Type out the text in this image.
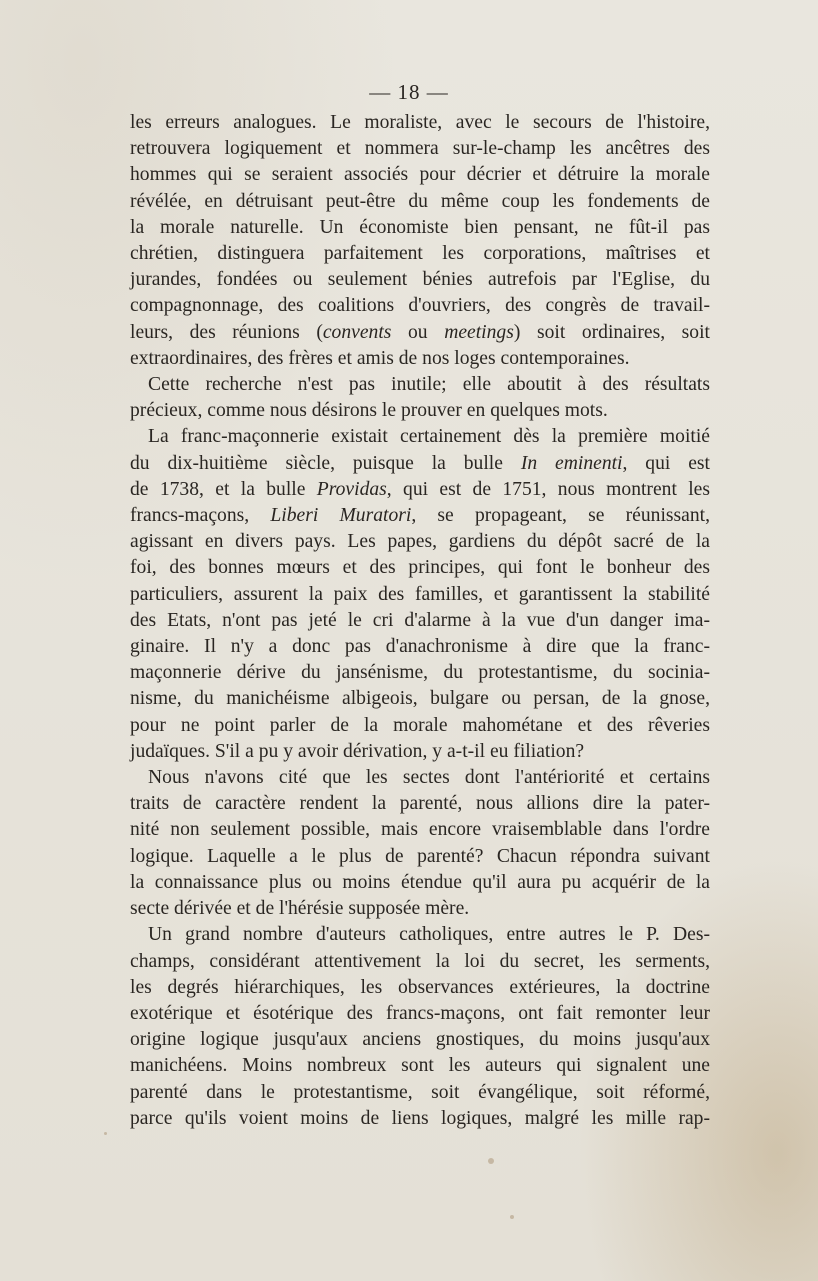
— 18 —
les erreurs analogues. Le moraliste, avec le secours de l'histoire,
retrouvera logiquement et nommera sur-le-champ les ancêtres des
hommes qui se seraient associés pour décrier et détruire la morale
révélée, en détruisant peut-être du même coup les fondements de
la morale naturelle. Un économiste bien pensant, ne fût-il pas
chrétien, distinguera parfaitement les corporations, maîtrises et
jurandes, fondées ou seulement bénies autrefois par l'Eglise, du
compagnonnage, des coalitions d'ouvriers, des congrès de travail-
leurs, des réunions (convents ou meetings) soit ordinaires, soit
extraordinaires, des frères et amis de nos loges contemporaines.
Cette recherche n'est pas inutile; elle aboutit à des résultats
précieux, comme nous désirons le prouver en quelques mots.
La franc-maçonnerie existait certainement dès la première moitié
du dix-huitième siècle, puisque la bulle In eminenti, qui est
de 1738, et la bulle Providas, qui est de 1751, nous montrent les
francs-maçons, Liberi Muratori, se propageant, se réunissant,
agissant en divers pays. Les papes, gardiens du dépôt sacré de la
foi, des bonnes mœurs et des principes, qui font le bonheur des
particuliers, assurent la paix des familles, et garantissent la stabilité
des Etats, n'ont pas jeté le cri d'alarme à la vue d'un danger ima-
ginaire. Il n'y a donc pas d'anachronisme à dire que la franc-
maçonnerie dérive du jansénisme, du protestantisme, du sociniа-
nisme, du manichéisme albigeois, bulgare ou persan, de la gnose,
pour ne point parler de la morale mahométane et des rêveries
judaïques. S'il a pu y avoir dérivation, y a-t-il eu filiation?
Nous n'avons cité que les sectes dont l'antériorité et certains
traits de caractère rendent la parenté, nous allions dire la pater-
nité non seulement possible, mais encore vraisemblable dans l'ordre
logique. Laquelle a le plus de parenté? Chacun répondra suivant
la connaissance plus ou moins étendue qu'il aura pu acquérir de la
secte dérivée et de l'hérésie supposée mère.
Un grand nombre d'auteurs catholiques, entre autres le P. Des-
champs, considérant attentivement la loi du secret, les serments,
les degrés hiérarchiques, les observances extérieures, la doctrine
exotérique et ésotérique des francs-maçons, ont fait remonter leur
origine logique jusqu'aux anciens gnostiques, du moins jusqu'aux
manichéens. Moins nombreux sont les auteurs qui signalent une
parenté dans le protestantisme, soit évangélique, soit réformé,
parce qu'ils voient moins de liens logiques, malgré les mille rap-
